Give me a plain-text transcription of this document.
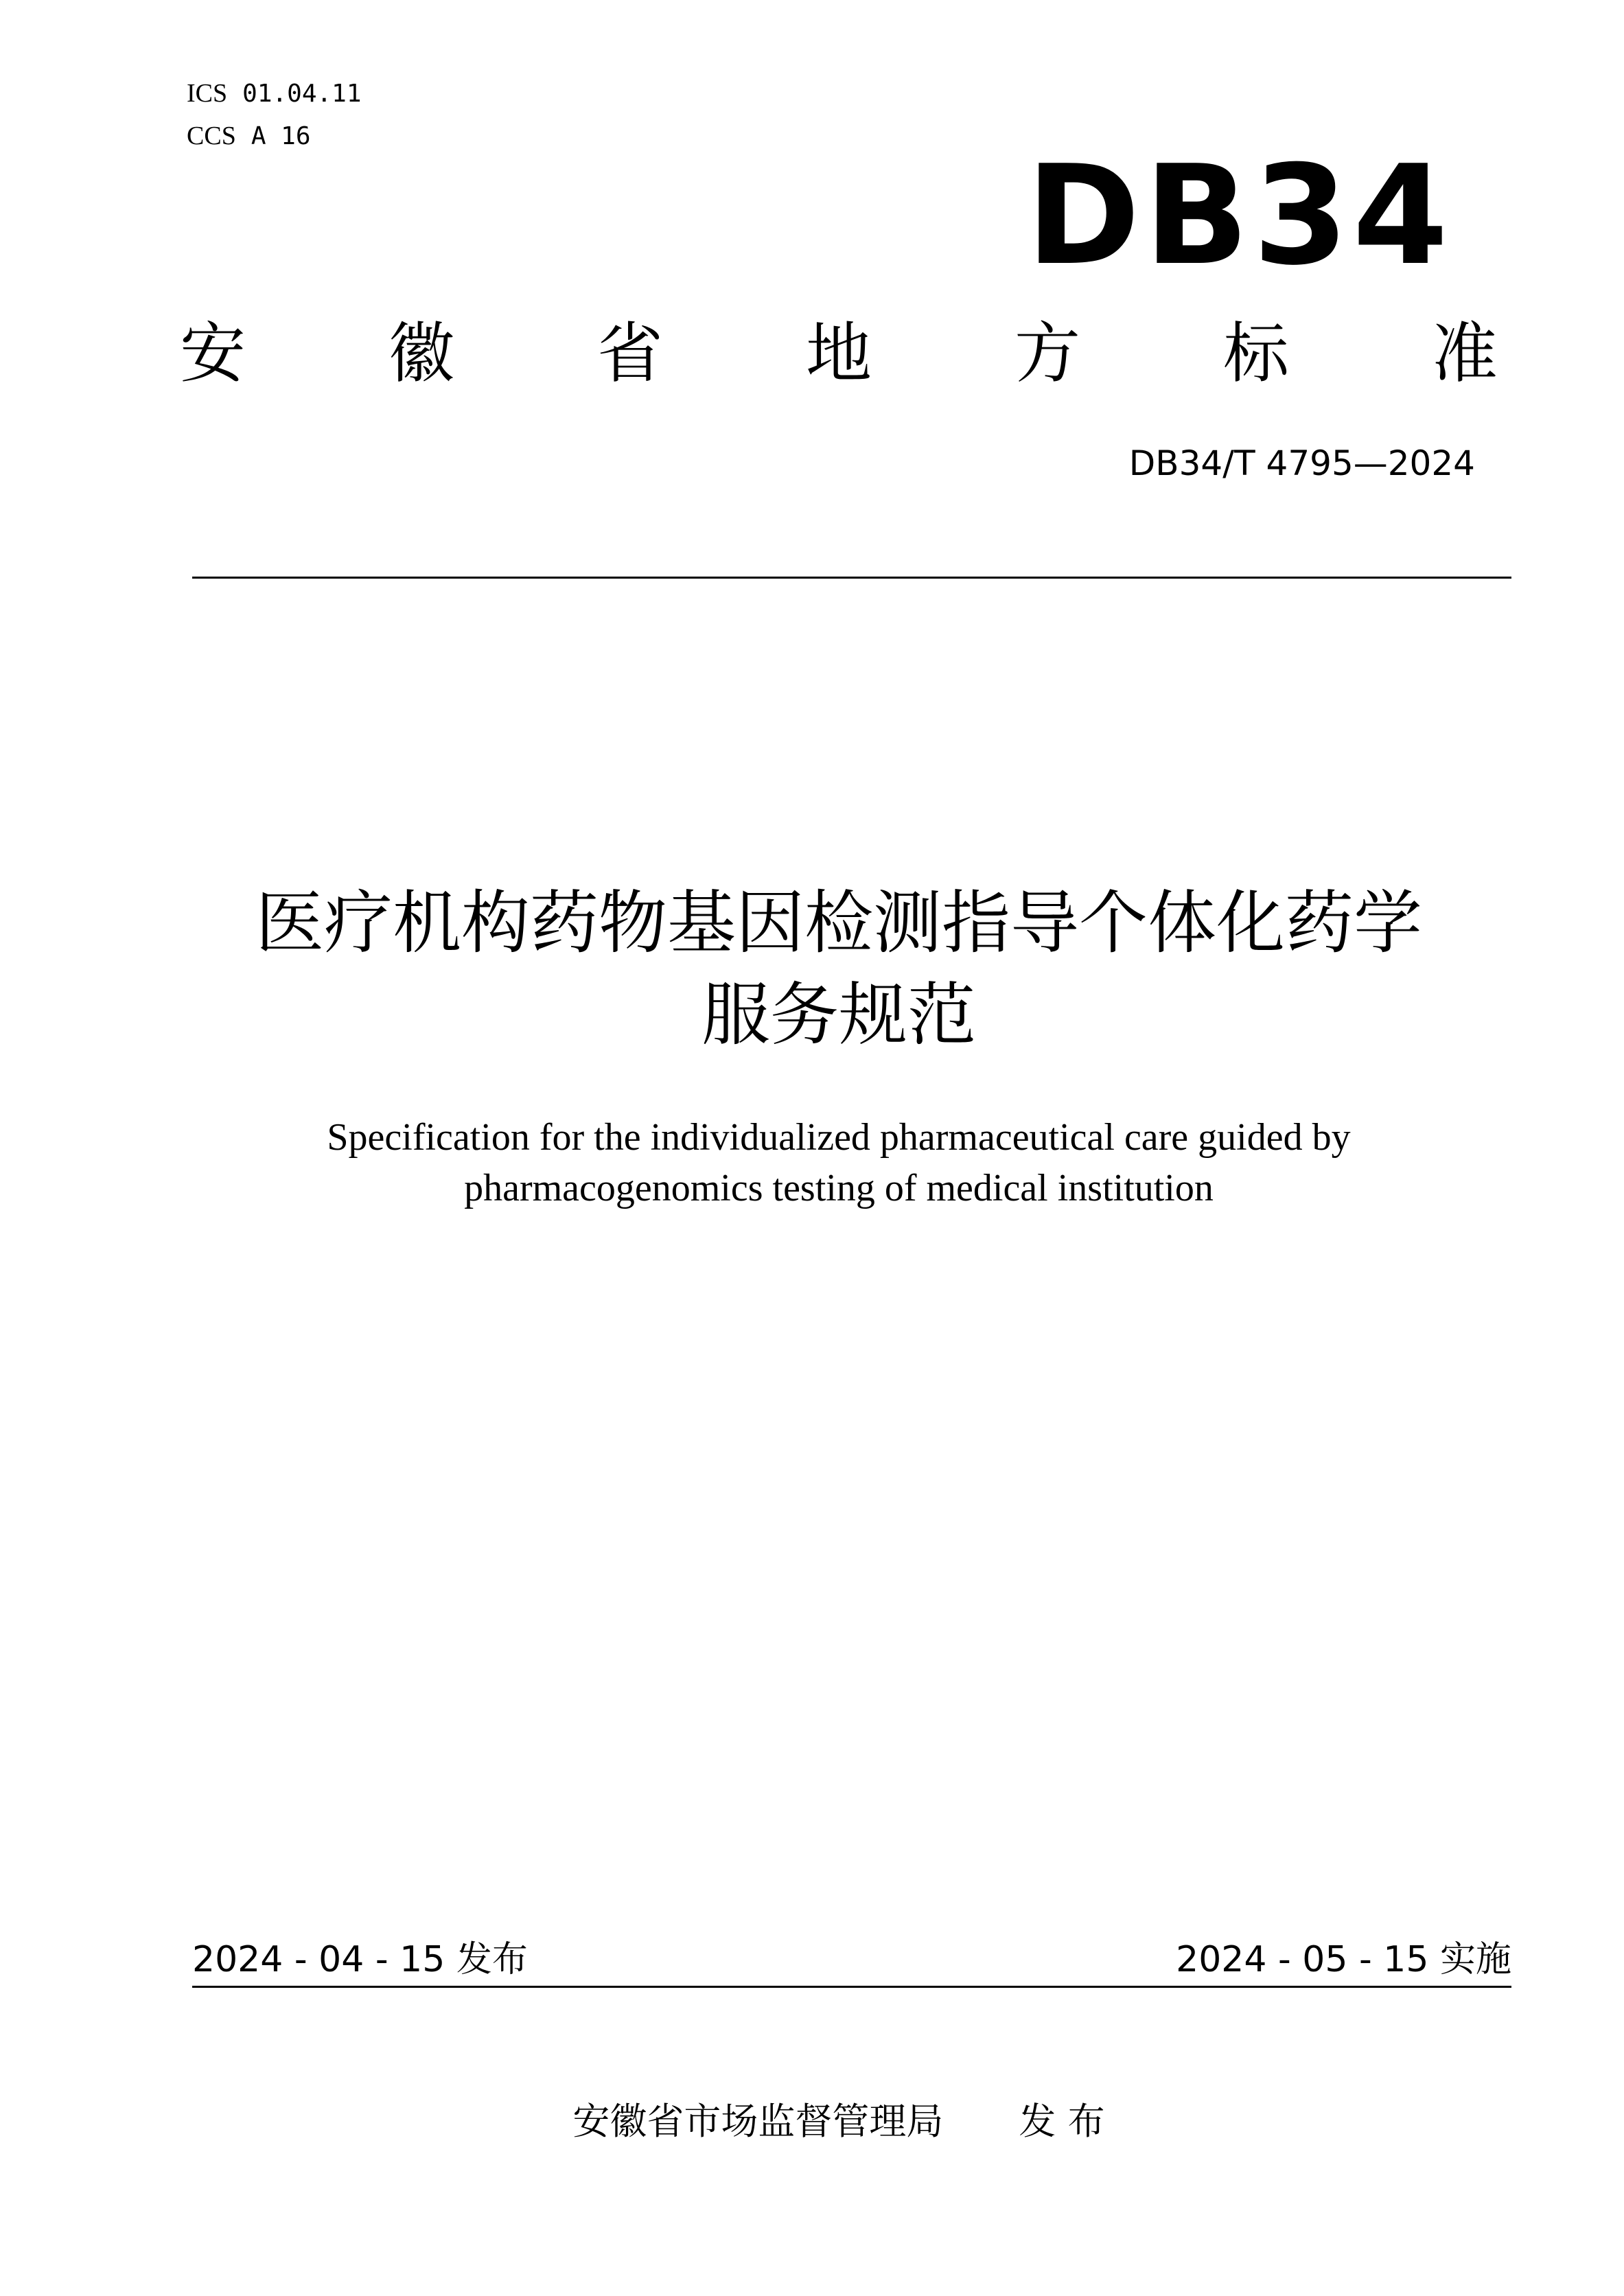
ICS 01.04.11
CCS A 16	DB34
安 徽 省 地 方 标 准
DB34/T 4795—2024
医疗机构药物基因检测指导个体化药学
服务规范
Specification for the individualized pharmaceutical care guided by
pharmacogenomics testing of medical institution
2024 - 04 - 15 发布	2024 - 05 - 15 实施
安徽省市场监督管理局 发 布
